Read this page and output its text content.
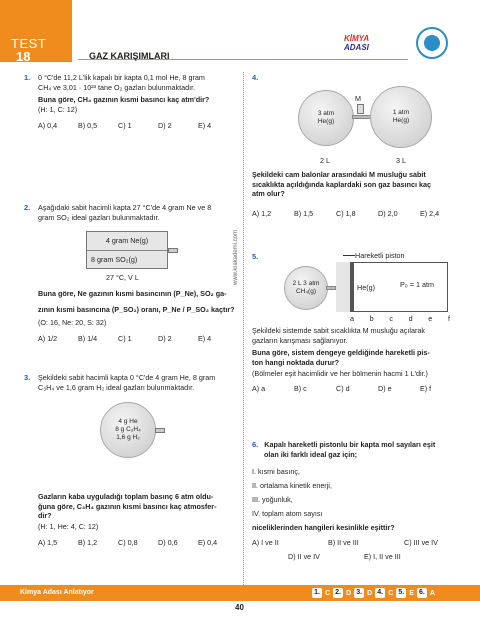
TEST
18	GAZ KARIŞIMLARI
KİMYA
ADASI
www.krakademi.com
1. 0 °C'de 11,2 L'lik kapalı bir kapta 0,1 mol He, 8 gram
CH₄ ve 3,01 · 10²³ tane O₂ gazları bulunmaktadır.
Buna göre, CH₄ gazının kısmi basıncı kaç atm'dir?
(H: 1, C: 12)
A) 0,4	B) 0,5	C) 1	D) 2	E) 4
2. Aşağıdaki sabit hacimli kapta 27 °C'de 4 gram Ne ve 8
gram SO₂ ideal gazları bulunmaktadır.
4 gram Ne(g)
8 gram SO₂(g)
27 °C, V L
Buna göre, Ne gazının kısmi basıncının (P_Ne), SO₂ ga-
zının kısmi basıncına (P_SO₂) oranı, P_Ne / P_SO₂ kaçtır?
(O: 16, Ne: 20, S: 32)
A) 1/2	B) 1/4	C) 1	D) 2	E) 4
3. Şekildeki sabit hacimli kapta 0 °C'de 4 gram He, 8 gram
C₃H₄ ve 1,6 gram H₂ ideal gazları bulunmaktadır.
4 g He
8 g C₃H₄
1,6 g H₂
Gazların kaba uyguladığı toplam basınç 6 atm oldu-
ğuna göre, C₃H₄ gazının kısmi basıncı kaç atmosfer-
dir?
(H: 1, He: 4, C: 12)
A) 1,5	B) 1,2	C) 0,8	D) 0,6	E) 0,4
4.
3 atm He(g)
M
1 atm He(g)
2 L	3 L
Şekildeki cam balonlar arasındaki M musluğu sabit
sıcaklıkta açıldığında kaplardaki son gaz basıncı kaç
atm olur?
A) 1,2	B) 1,5	C) 1,8	D) 2,0	E) 2,4
5.	Hareketli piston
2 L 3 atm CH₄(g)	He(g)	P₀ = 1 atm
a b c d e f
Şekildeki sistemde sabit sıcaklıkta M musluğu açılarak
gazların karışması sağlanıyor.
Buna göre, sistem dengeye geldiğinde hareketli pis-
ton hangi noktada durur?
(Bölmeler eşit hacimlidir ve her bölmenin hacmi 1 L'dir.)
A) a	B) c	C) d	D) e	E) f
6. Kapalı hareketli pistonlu bir kapta mol sayıları eşit
olan iki farklı ideal gaz için;
I. kısmi basınç,
II. ortalama kinetik enerji,
III. yoğunluk,
IV. toplam atom sayısı
niceliklerinden hangileri kesinlikle eşittir?
A) I ve II	B) II ve III	C) III ve IV
D) II ve IV	E) I, II ve III
Kimya Adası Anlatıyor
40
1. C 2. D 3. D 4. C 5. E 6. A
